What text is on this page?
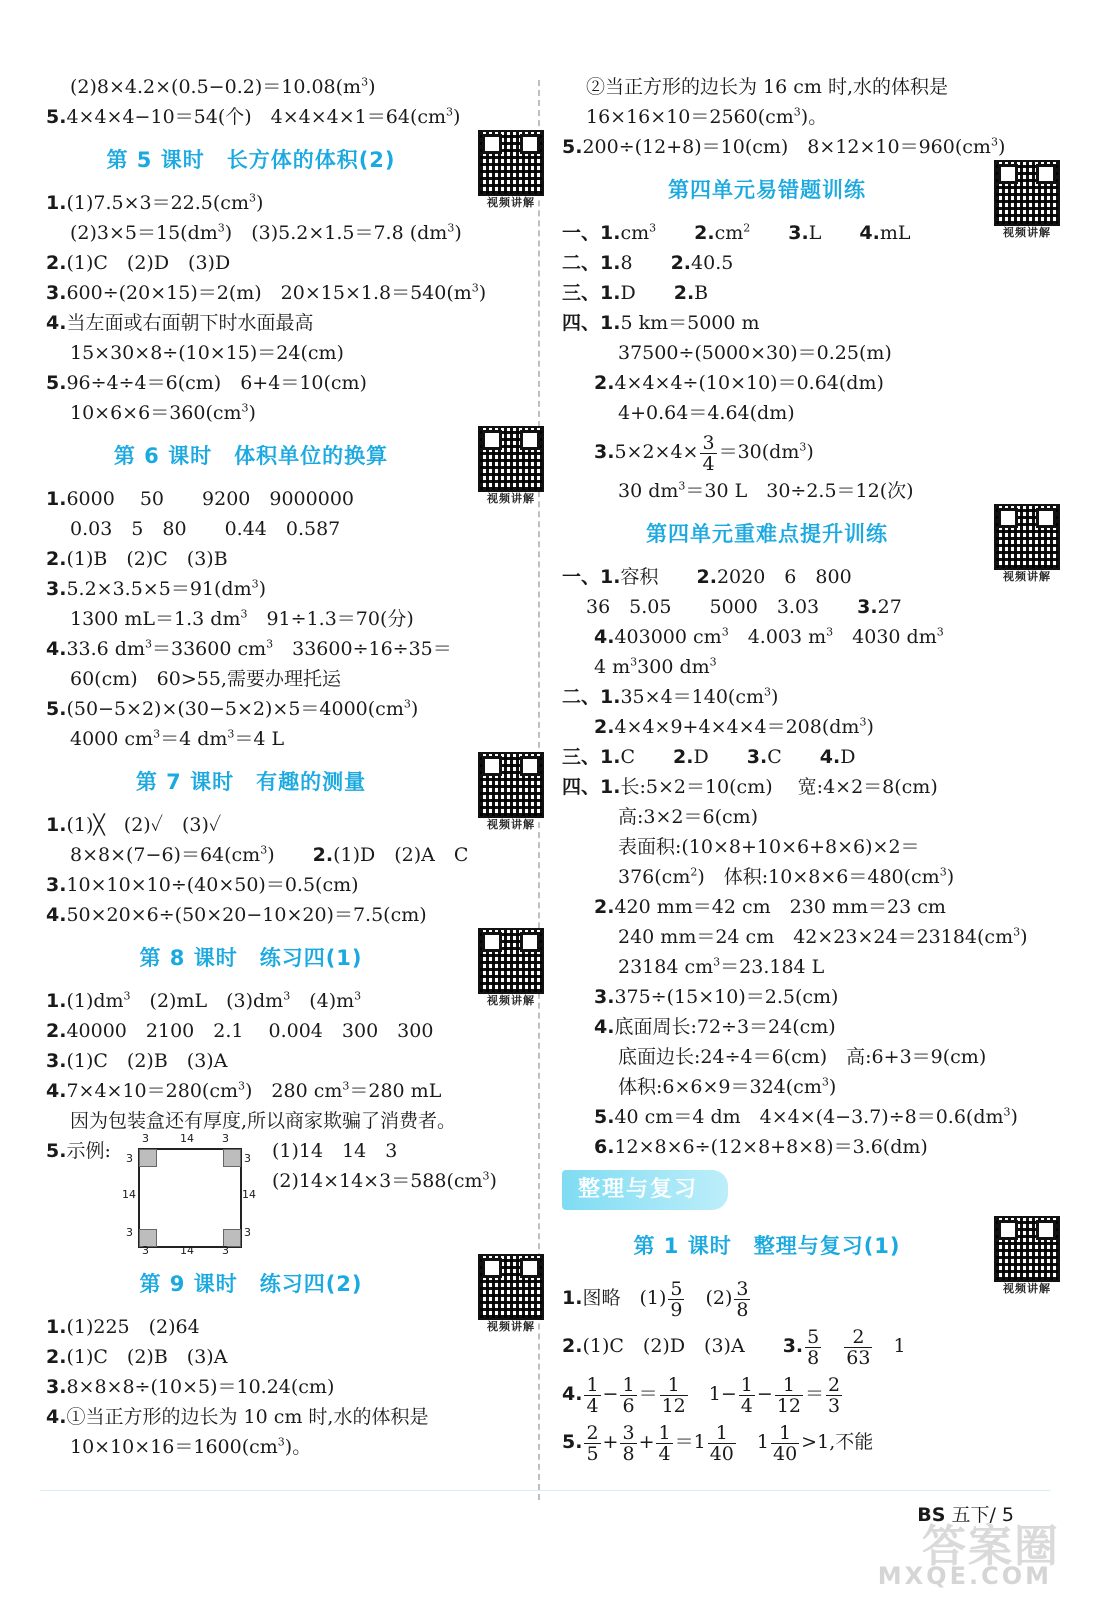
$(2)8\times 4.2\times(0.5-0.2)=10.08(m^3)$
5.4×4×4−10＝54(个)　$4\times 4\times 4\times 1=64(cm^3)$
第 5 课时　长方体的体积(2)
视频讲解
$1.(1)7.5\times 3=22.5(cm^3)$
$(2)3\times 5=15(dm^3)$　(3)5.2×1.5＝7.8 $(dm^3)$
2.(1)C　(2)D　(3)D
3.600÷(20×15)＝2(m)　$20\times 15\times 1.8=540(m^3)$
4.当左面或右面朝下时水面最高
15×30×8÷(10×15)＝24(cm)
5.96÷4÷4＝6(cm)　6+4＝10(cm)
$10\times 6\times 6=360(cm^3)$
第 6 课时　体积单位的换算
视频讲解
1.6000　 50　　9200　9000000
0.03　5　80　　0.44　0.587
2.(1)B　(2)C　(3)B
$3.5.2\times 3.5\times 5=91(dm^3)$
1300 mL＝1.3 $dm^3$　91÷1.3＝70(分)
4.33.6 $dm^3=33600$ $cm^3$　33600÷16÷35＝
60(cm)　60>55,需要办理托运
$5.(50-5\times 2)\times(30-5\times 2)\times 5=4000(cm^3)$
4000 $cm^3=4$ $dm^3=4$ L
第 7 课时　有趣的测量
视频讲解
1.(1)╳　(2)✓　(3)✓
$8\times 8\times(7-6)=64(cm^3)$　　2.(1)D　(2)A　C
3.10×10×10÷(40×50)＝0.5(cm)
4.50×20×6÷(50×20−10×20)＝7.5(cm)
第 8 课时　练习四(1)
视频讲解
$1.(1)dm^3$　(2)mL　$(3)dm^3$　$(4)m^3$
2.40000　2100　2.1　 0.004　300　300
3.(1)C　(2)B　(3)A
$4.7\times 4\times 10=280(cm^3)$　280 $cm^3=280$ mL
因为包装盒还有厚度,所以商家欺骗了消费者。
5.示例:
3	14	3
3	14	3
3
14
3
3
14
3
(1)14　14　3
$(2)14\times 14\times 3=588(cm^3)$
第 9 课时　练习四(2)
视频讲解
1.(1)225　(2)64
2.(1)C　(2)B　(3)A
3.8×8×8÷(10×5)＝10.24(cm)
4.①当正方形的边长为 10 cm 时,水的体积是
$10\times 10\times 16=1600(cm^3)$。
②当正方形的边长为 16 cm 时,水的体积是
$16\times 16\times 10=2560(cm^3)$。
5.200÷(12+8)＝10(cm)　$8\times 12\times 10=960(cm^3)$
第四单元易错题训练
视频讲解
一、$1.cm^3$　　 $2.cm^2$　　 3.L　　 4.mL
二、1.8　　 2.40.5
三、1.D　　 2.B
四、1.5 km＝5000 m
37500÷(5000×30)＝0.25(m)
2.4×4×4÷(10×10)＝0.64(dm)
4+0.64＝4.64(dm)
$3.5\times 2\times 4\times \frac{3}{4} =30(dm^3)$
30 $dm^3=30$ L　30÷2.5＝12(次)
第四单元重难点提升训练
视频讲解
一、1.容积　　 2.2020　6　800
36　5.05　　5000　3.03　　 3.27
4.403000 $cm^3$　4.003 $m^3$　4030 $dm^3$
4 $m^3300$ $dm^3$
二、$1.35\times 4=140(cm^3)$
$2.4\times 4\times 9+4\times 4\times 4=208(dm^3)$
三、1.C　　 2.D　　 3.C　　 4.D
四、1.长:5×2＝10(cm)　 宽:4×2＝8(cm)
高:3×2＝6(cm)
表面积:(10×8+10×6+8×6)×2＝
$376(cm^2)$　体积$:10\times 8\times 6=480(cm^3)$
2.420 mm＝42 cm　230 mm＝23 cm
240 mm＝24 cm　$42\times 23\times 24=23184(cm^3)$
23184 $cm^3=23.184$ L
3.375÷(15×10)＝2.5(cm)
4.底面周长:72÷3＝24(cm)
底面边长:24÷4＝6(cm)　高:6+3＝9(cm)
体积$:6\times 6\times 9=324(cm^3)$
5.40 cm＝4 dm　$4\times 4\times(4-3.7)\div 8=0.6(dm^3)$
6.12×8×6÷(12×8+8×8)＝3.6(dm)
整理与复习
第 1 课时　整理与复习(1)
视频讲解
1.图略　$(1) \frac{5}{9}$ 　$(2) \frac{3}{8}$
2.(1)C　(2)D　(3)A　　3. $\frac{5}{8}$
　 $\frac{2}{63}$
　 1
4. $\frac{1}{4} - \frac{1}{6} = \frac{1}{12}$
　 $1- \frac{1}{4} - \frac{1}{12} = \frac{2}{3}$
5. $\frac{2}{5} + \frac{3}{8} + \frac{1}{4} =1 \frac{1}{40}$
　 $1 \frac{1}{40} >1$,不能
答案圈
MXQE.COM
BS 五下/ 5
